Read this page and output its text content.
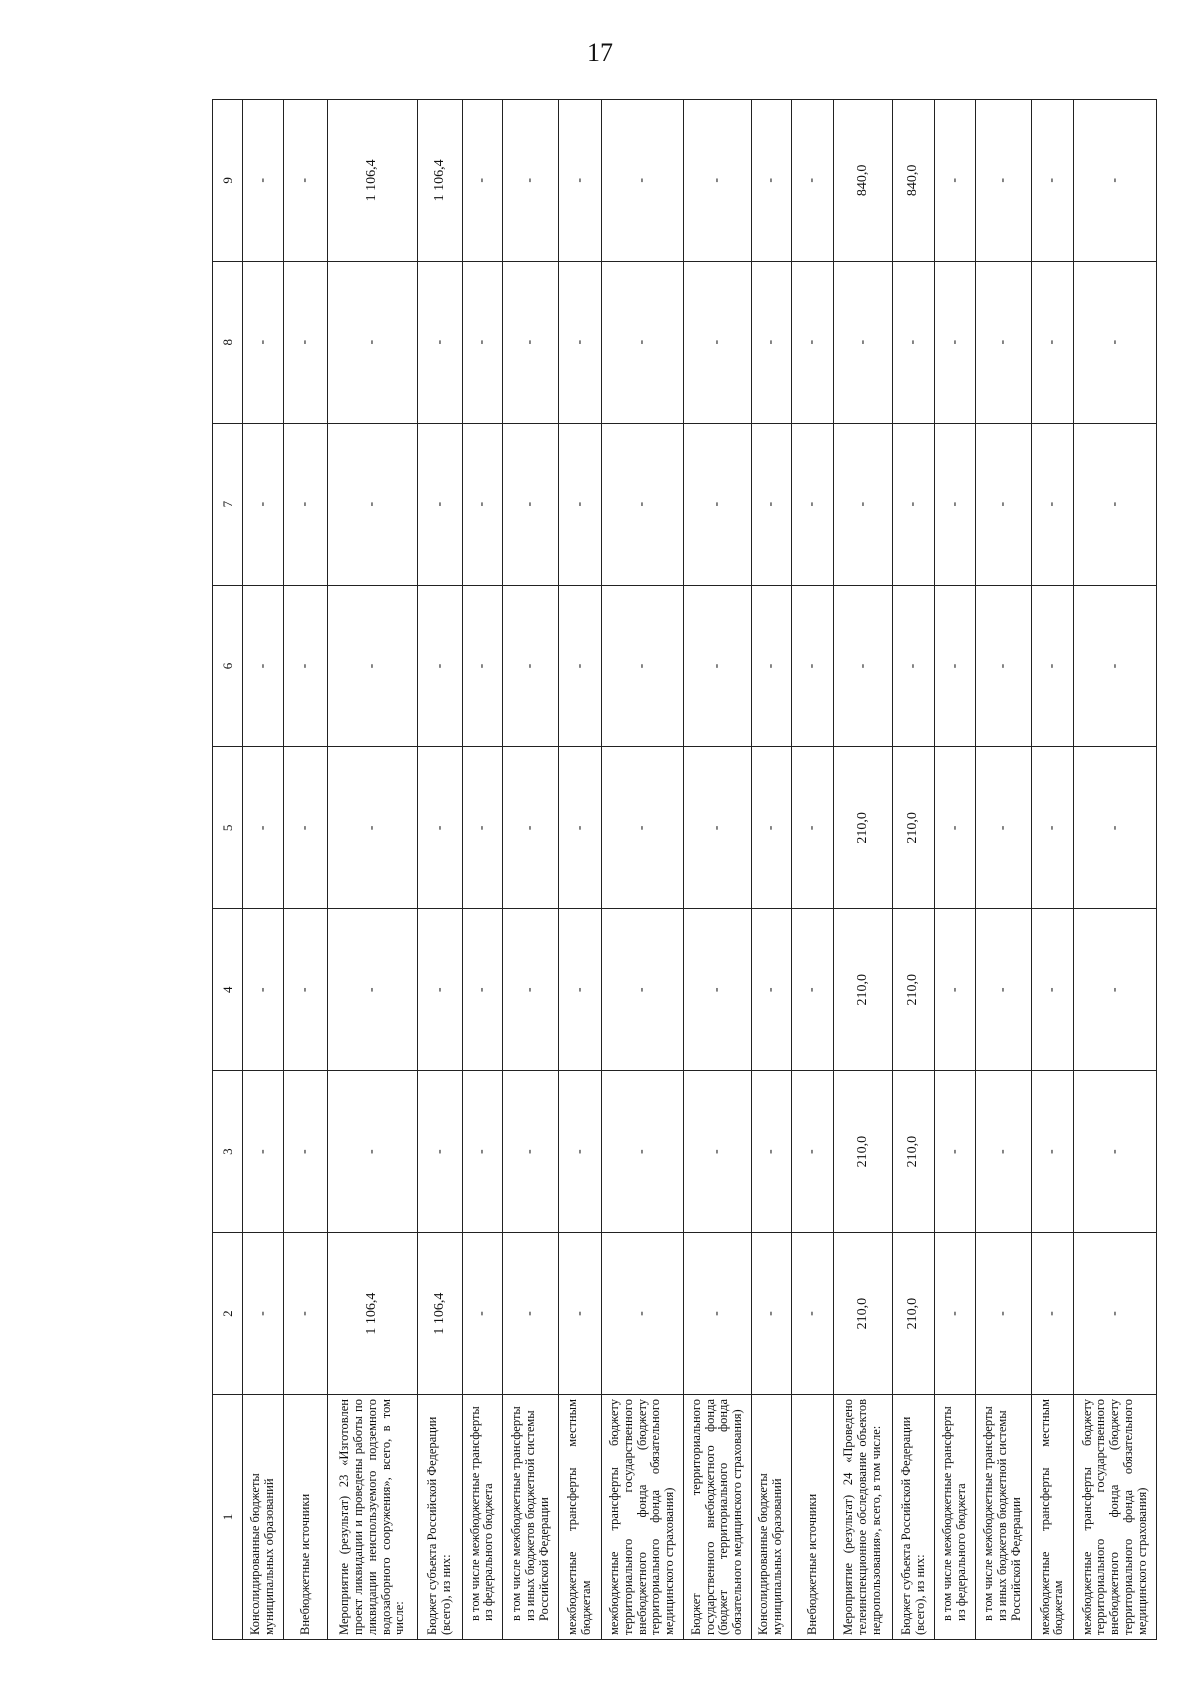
17
1	2	3	4	5	6	7	8	9
Консолидированные бюджеты муниципальных образований	-	-	-	-	-	-	-	-
Внебюджетные источники	-	-	-	-	-	-	-	-
Мероприятие (результат) 23 «Изготовлен проект ликвидации и проведены работы по ликвидации неиспользуемого подземного водозаборного сооружения», всего, в том числе:	1 106,4	-	-	-	-	-	-	1 106,4
Бюджет субъекта Российской Федерации (всего), из них:	1 106,4	-	-	-	-	-	-	1 106,4
в том числе межбюджетные трансферты из федерального бюджета	-	-	-	-	-	-	-	-
в том числе межбюджетные трансферты из иных бюджетов бюджетной системы Российской Федерации	-	-	-	-	-	-	-	-
межбюджетные трансферты местным бюджетам	-	-	-	-	-	-	-	-
межбюджетные трансферты бюджету территориального государственного внебюджетного фонда (бюджету территориального фонда обязательного медицинского страхования)	-	-	-	-	-	-	-	-
Бюджет территориального государственного внебюджетного фонда (бюджет территориального фонда обязательного медицинского страхования)	-	-	-	-	-	-	-	-
Консолидированные бюджеты муниципальных образований	-	-	-	-	-	-	-	-
Внебюджетные источники	-	-	-	-	-	-	-	-
Мероприятие (результат) 24 «Проведено телеинспекционное обследование объектов недропользования», всего, в том числе:	210,0	210,0	210,0	210,0	-	-	-	840,0
Бюджет субъекта Российской Федерации (всего), из них:	210,0	210,0	210,0	210,0	-	-	-	840,0
в том числе межбюджетные трансферты из федерального бюджета	-	-	-	-	-	-	-	-
в том числе межбюджетные трансферты из иных бюджетов бюджетной системы Российской Федерации	-	-	-	-	-	-	-	-
межбюджетные трансферты местным бюджетам	-	-	-	-	-	-	-	-
межбюджетные трансферты бюджету территориального государственного внебюджетного фонда (бюджету территориального фонда обязательного медицинского страхования)	-	-	-	-	-	-	-	-
